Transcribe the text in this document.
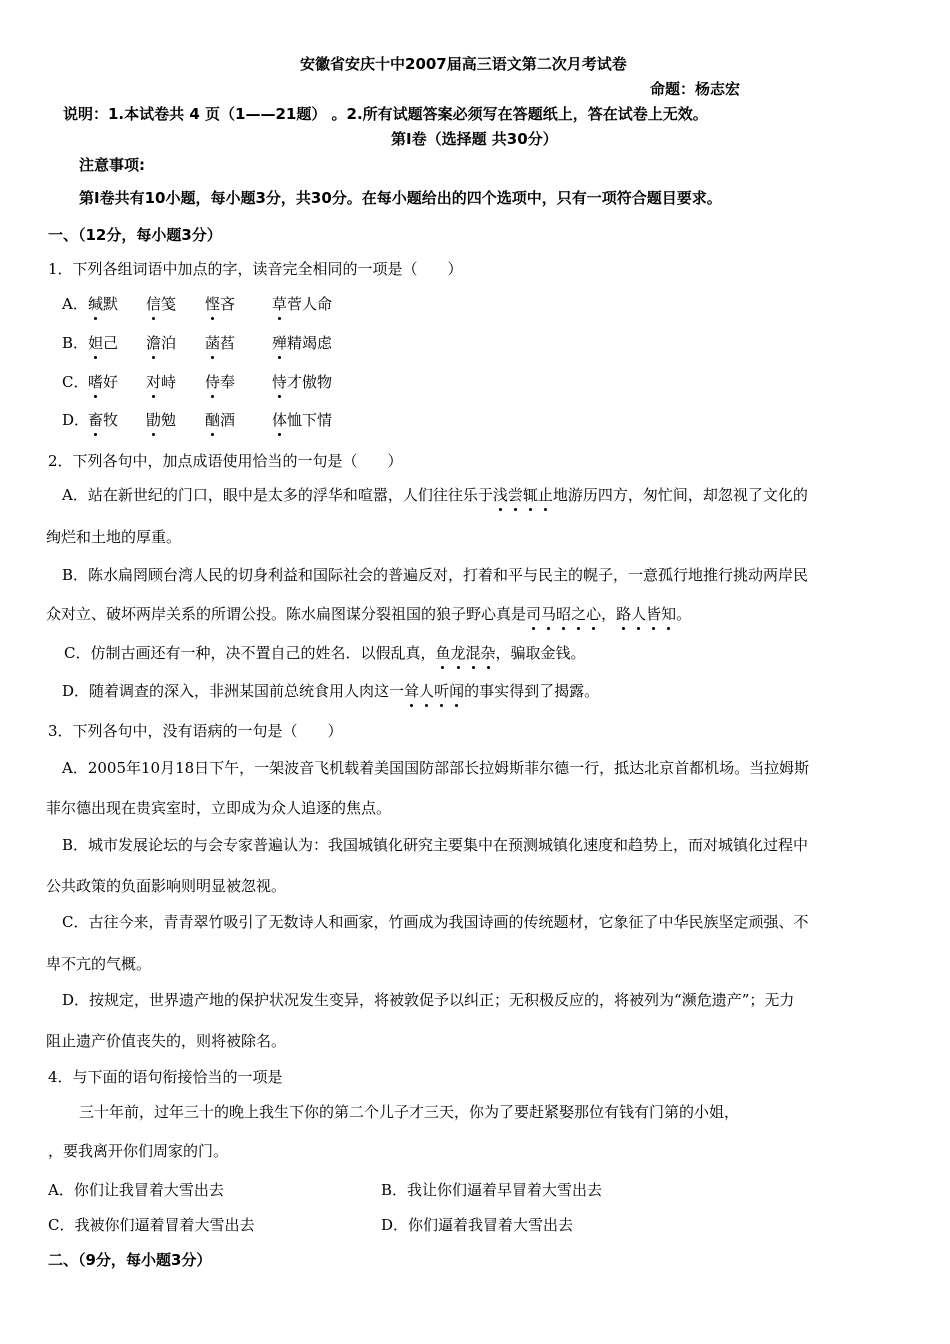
安徽省安庆十中2007届高三语文第二次月考试卷
命题：杨志宏
说明：1.本试卷共 4 页（1——21题） 。2.所有试题答案必须写在答题纸上，答在试卷上无效。
第Ⅰ卷（选择题 共30分）
注意事项:
第Ⅰ卷共有10小题，每小题3分，共30分。在每小题给出的四个选项中，只有一项符合题目要求。
一、（12分，每小题3分）
1．下列各组词语中加点的字，读音完全相同的一项是（　　）
A． 缄默 信笺 悭吝 草菅人命
B． 妲己 澹泊 菡萏 殚精竭虑
C． 嗜好 对峙 侍奉 恃才傲物
D．
畜牧 勖勉 酗酒 体恤下情
2．下列各句中，加点成语使用恰当的一句是（　　）
A．站在新世纪的门口，眼中是太多的浮华和喧嚣，人们往往乐于浅尝辄止地游历四方，匆忙间，却忽视了文化的
绚烂和土地的厚重。
B．陈水扁罔顾台湾人民的切身利益和国际社会的普遍反对，打着和平与民主的幌子，一意孤行地推行挑动两岸民
众对立、破坏两岸关系的所谓公投。陈水扁图谋分裂祖国的狼子野心真是司马昭之心，路人皆知。
C．仿制古画还有一种，决不置自己的姓名．以假乱真，鱼龙混杂，骗取金钱。
D．随着调查的深入，非洲某国前总统食用人肉这一耸人听闻的事实得到了揭露。
3．下列各句中，没有语病的一句是（　　）
A．2005年10月18日下午，一架波音飞机载着美国国防部部长拉姆斯菲尔德一行，抵达北京首都机场。当拉姆斯
菲尔德出现在贵宾室时，立即成为众人追逐的焦点。
B．城市发展论坛的与会专家普遍认为：我国城镇化研究主要集中在预测城镇化速度和趋势上，而对城镇化过程中
公共政策的负面影响则明显被忽视。
C．古往今来，青青翠竹吸引了无数诗人和画家，竹画成为我国诗画的传统题材，它象征了中华民族坚定顽强、不
卑不亢的气概。
D．按规定，世界遗产地的保护状况发生变异，将被敦促予以纠正；无积极反应的，将被列为“濒危遗产”；无力
阻止遗产价值丧失的，则将被除名。
4．与下面的语句衔接恰当的一项是
三十年前，过年三十的晚上我生下你的第二个儿子才三天，你为了要赶紧娶那位有钱有门第的小姐，
，要我离开你们周家的门。
A．你们让我冒着大雪出去	B．我让你们逼着早冒着大雪出去
C．我被你们逼着冒着大雪出去	D．你们逼着我冒着大雪出去
二、（9分，每小题3分）
